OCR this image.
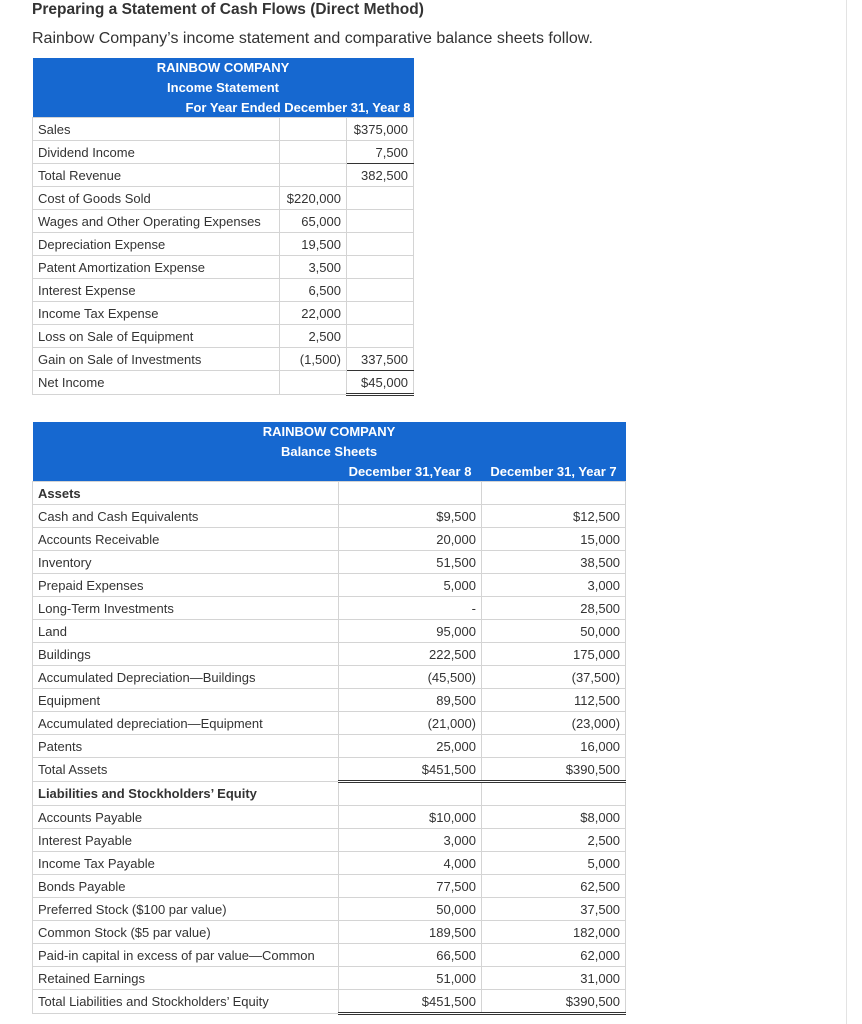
Preparing a Statement of Cash Flows (Direct Method)
Rainbow Company’s income statement and comparative balance sheets follow.
RAINBOW COMPANY		
Income Statement		
For Year Ended December 31, Year 8		
Sales		$375,000
Dividend Income		7,500
Total Revenue		382,500
Cost of Goods Sold	$220,000	
Wages and Other Operating Expenses	65,000	
Depreciation Expense	19,500	
Patent Amortization Expense	3,500	
Interest Expense	6,500	
Income Tax Expense	22,000	
Loss on Sale of Equipment	2,500	
Gain on Sale of Investments	(1,500)	337,500
Net Income		$45,000
RAINBOW COMPANY		
Balance Sheets		
	December 31,Year 8	December 31, Year 7
Assets		
Cash and Cash Equivalents	$9,500	$12,500
Accounts Receivable	20,000	15,000
Inventory	51,500	38,500
Prepaid Expenses	5,000	3,000
Long-Term Investments	-	28,500
Land	95,000	50,000
Buildings	222,500	175,000
Accumulated Depreciation—Buildings	(45,500)	(37,500)
Equipment	89,500	112,500
Accumulated depreciation—Equipment	(21,000)	(23,000)
Patents	25,000	16,000
Total Assets	$451,500	$390,500
Liabilities and Stockholders’ Equity		
Accounts Payable	$10,000	$8,000
Interest Payable	3,000	2,500
Income Tax Payable	4,000	5,000
Bonds Payable	77,500	62,500
Preferred Stock ($100 par value)	50,000	37,500
Common Stock ($5 par value)	189,500	182,000
Paid-in capital in excess of par value—Common	66,500	62,000
Retained Earnings	51,000	31,000
Total Liabilities and Stockholders’ Equity	$451,500	$390,500
